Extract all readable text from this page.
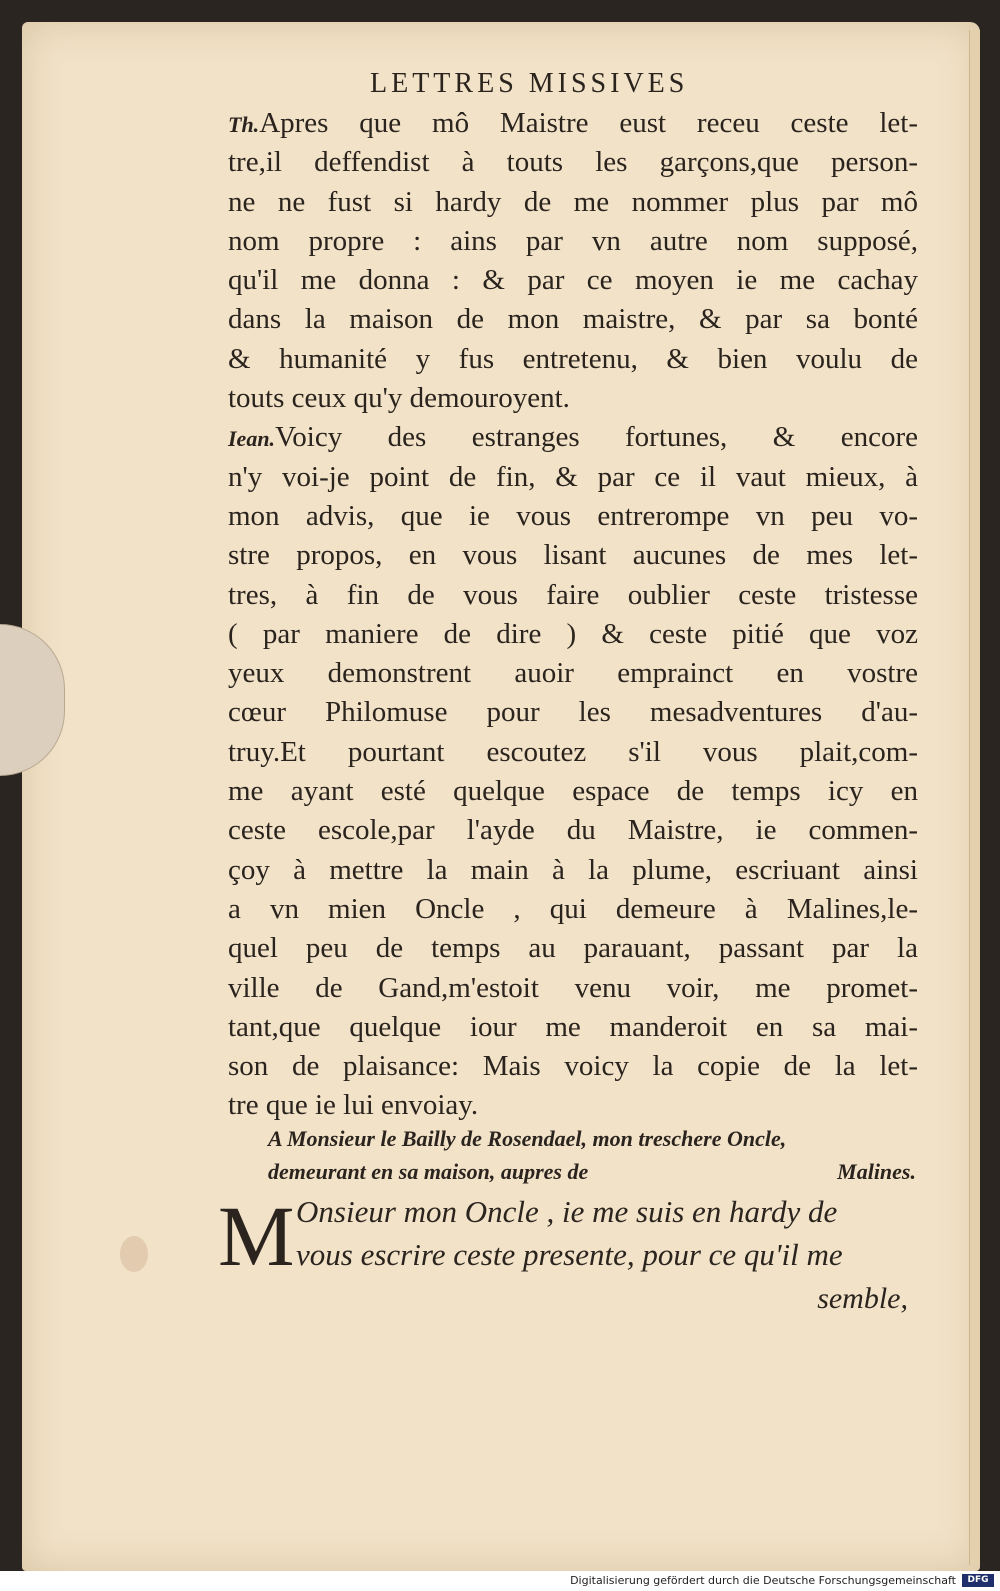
LETTRES MISSIVES
Th.Apres que mô Maistre eust receu ceste let-
tre,il deffendist à touts les garçons,que person-
ne ne fust si hardy de me nommer plus par mô
nom propre : ains par vn autre nom supposé,
qu'il me donna : & par ce moyen ie me cachay
dans la maison de mon maistre, & par sa bonté
& humanité y fus entretenu, & bien voulu de
touts ceux qu'y demouroyent.
Iean.Voicy des estranges fortunes, & encore
n'y voi-je point de fin, & par ce il vaut mieux, à
mon advis, que ie vous entrerompe vn peu vo-
stre propos, en vous lisant aucunes de mes let-
tres, à fin de vous faire oublier ceste tristesse
( par maniere de dire ) & ceste pitié que voz
yeux demonstrent auoir emprainct en vostre
cœur Philomuse pour les mesadventures d'au-
truy.Et pourtant escoutez s'il vous plait,com-
me ayant esté quelque espace de temps icy en
ceste escole,par l'ayde du Maistre, ie commen-
çoy à mettre la main à la plume, escriuant ainsi
a vn mien Oncle , qui demeure à Malines,le-
quel peu de temps au parauant, passant par la
ville de Gand,m'estoit venu voir, me promet-
tant,que quelque iour me manderoit en sa mai-
son de plaisance: Mais voicy la copie de la let-
tre que ie lui envoiay.
A Monsieur le Bailly de Rosendael, mon treschere Oncle,
demeurant en sa maison, aupres de	Malines.
M Onsieur mon Oncle , ie me suis en hardy de
vous escrire ceste presente, pour ce qu'il me
semble,
Digitalisierung gefördert durch die Deutsche Forschungsgemeinschaft	DFG
